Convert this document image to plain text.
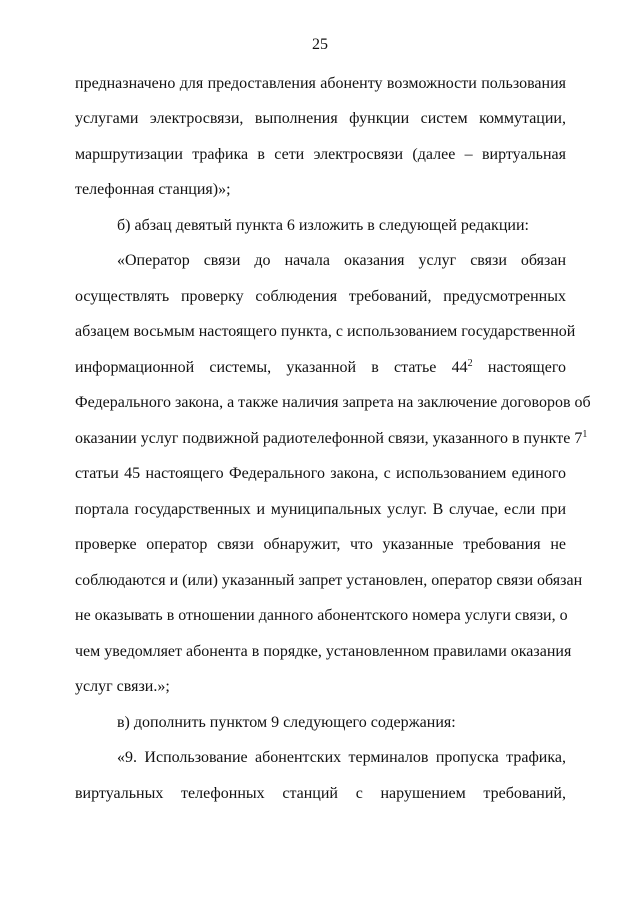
25
предназначено для предоставления абоненту возможности пользования
услугами электросвязи, выполнения функции систем коммутации,
маршрутизации трафика в сети электросвязи (далее – виртуальная
телефонная станция)»;
б) абзац девятый пункта 6 изложить в следующей редакции:
«Оператор связи до начала оказания услуг связи обязан
осуществлять проверку соблюдения требований, предусмотренных
абзацем восьмым настоящего пункта, с использованием государственной
информационной системы, указанной в статье $44^2$ настоящего
Федерального закона, а также наличия запрета на заключение договоров об
оказании услуг подвижной радиотелефонной связи, указанного в пункте $7^1$
статьи 45 настоящего Федерального закона, с использованием единого
портала государственных и муниципальных услуг. В случае, если при
проверке оператор связи обнаружит, что указанные требования не
соблюдаются и (или) указанный запрет установлен, оператор связи обязан
не оказывать в отношении данного абонентского номера услуги связи, о
чем уведомляет абонента в порядке, установленном правилами оказания
услуг связи.»;
в) дополнить пунктом 9 следующего содержания:
«9. Использование абонентских терминалов пропуска трафика,
виртуальных телефонных станций с нарушением требований,
